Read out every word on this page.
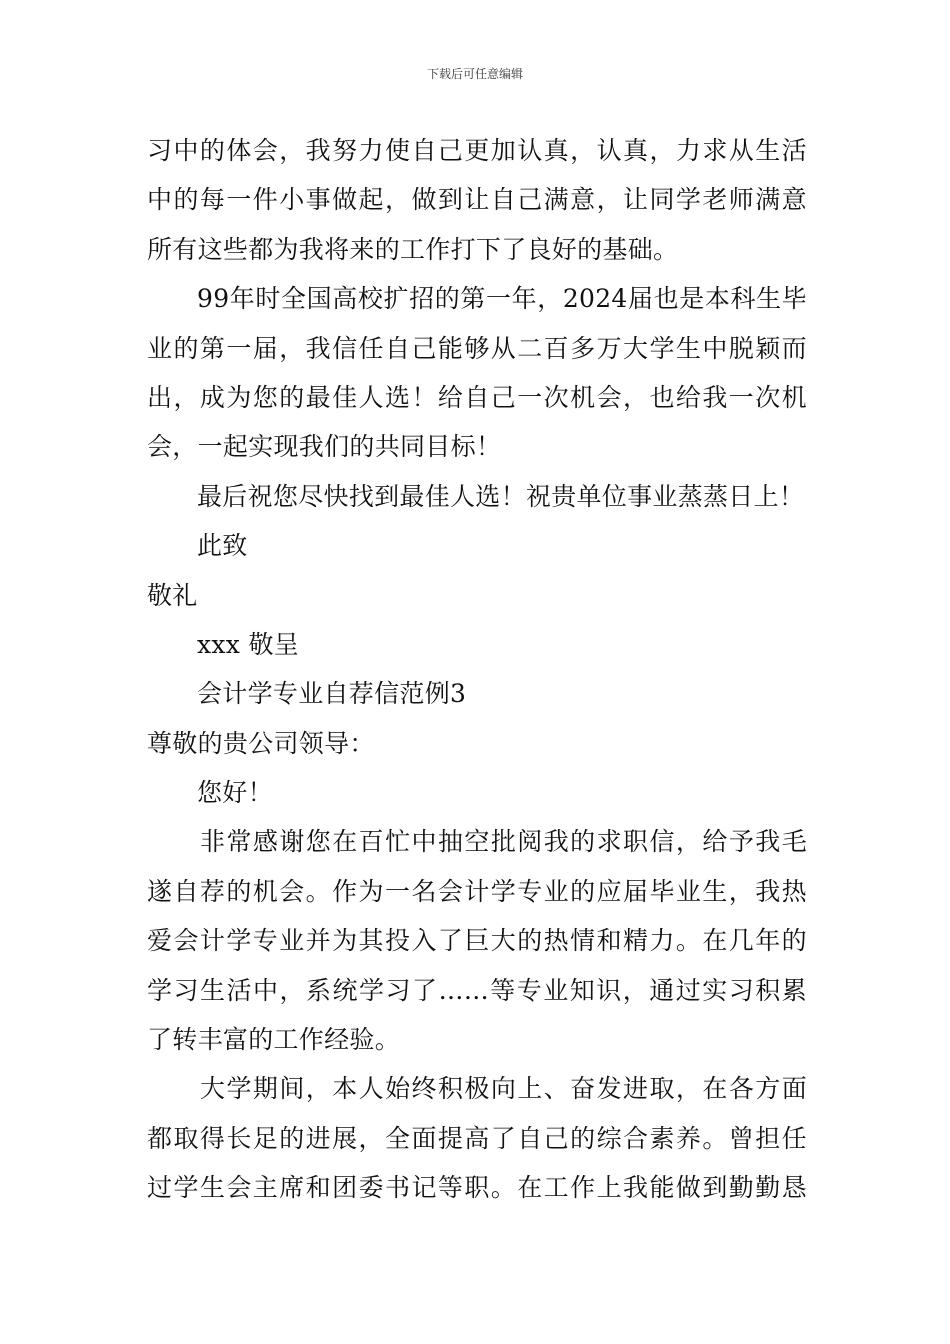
下载后可任意编辑
习中的体会，我努力使自己更加认真，认真，力求从生活
中的每一件小事做起，做到让自己满意，让同学老师满意
所有这些都为我将来的工作打下了良好的基础。
99年时全国高校扩招的第一年，2024届也是本科生毕
业的第一届，我信任自己能够从二百多万大学生中脱颖而
出，成为您的最佳人选！给自己一次机会，也给我一次机
会，一起实现我们的共同目标！
最后祝您尽快找到最佳人选！祝贵单位事业蒸蒸日上！
此致
敬礼
xxx 敬呈
会计学专业自荐信范例3
尊敬的贵公司领导：
您好！
非常感谢您在百忙中抽空批阅我的求职信，给予我毛
遂自荐的机会。作为一名会计学专业的应届毕业生，我热
爱会计学专业并为其投入了巨大的热情和精力。在几年的
学习生活中，系统学习了……等专业知识，通过实习积累
了转丰富的工作经验。
大学期间，本人始终积极向上、奋发进取，在各方面
都取得长足的进展，全面提高了自己的综合素养。曾担任
过学生会主席和团委书记等职。在工作上我能做到勤勤恳
